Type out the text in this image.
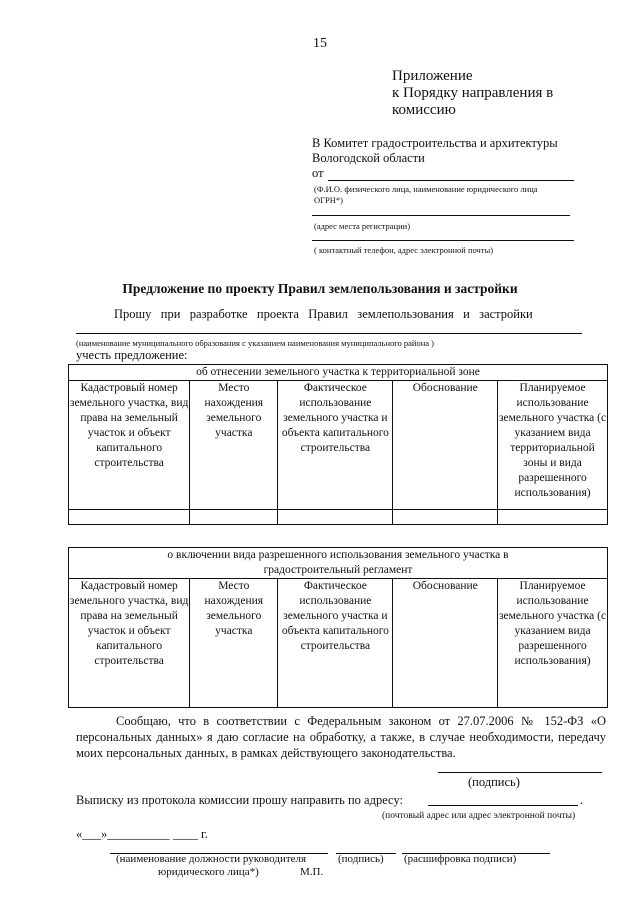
15
Приложение
к Порядку направления в
комиссию
В Комитет градостроительства и архитектуры
Вологодской области
от
(Ф.И.О. физического лица, наименование юридического лица
ОГРН*)
(адрес места регистрации)
( контактный телефон, адрес электронной почты)
Предложение по проекту Правил землепользования и застройки
Прошу   при   разработке   проекта   Правил   землепользования   и   застройки
(наименование муниципального образования с указанием наименования муниципального района )
учесть предложение:
об отнесении земельного участка к территориальной зоне				
Кадастровый номер земельного участка, вид права на земельный участок и объект капитального строительства	Место нахождения земельного участка	Фактическое использование земельного участка и объекта капитального строительства	Обоснование	Планируемое использование земельного участка (с указанием вида территориальной зоны и вида разрешенного использования)

о включении вида разрешенного использования земельного участка в градостроительный регламент
Кадастровый номер земельного участка, вид права на земельный участок и объект капитального строительства	Место нахождения земельного участка	Фактическое использование земельного участка и объекта капитального строительства	Обоснование	Планируемое использование земельного участка (с указанием вида разрешенного использования)
Сообщаю, что в соответствии с Федеральным законом от 27.07.2006 № 152-ФЗ «О персональных данных» я даю согласие на обработку, а также, в случае необходимости, передачу моих персональных данных, в рамках действующего законодательства.
(подпись)
Выписку из протокола комиссии прошу направить по адресу:	.
(почтовый адрес или адрес электронной почты)
«___»__________ ____ г.
(наименование должности руководителя	(подпись) (расшифровка подписи)
юридического лица*)	М.П.
